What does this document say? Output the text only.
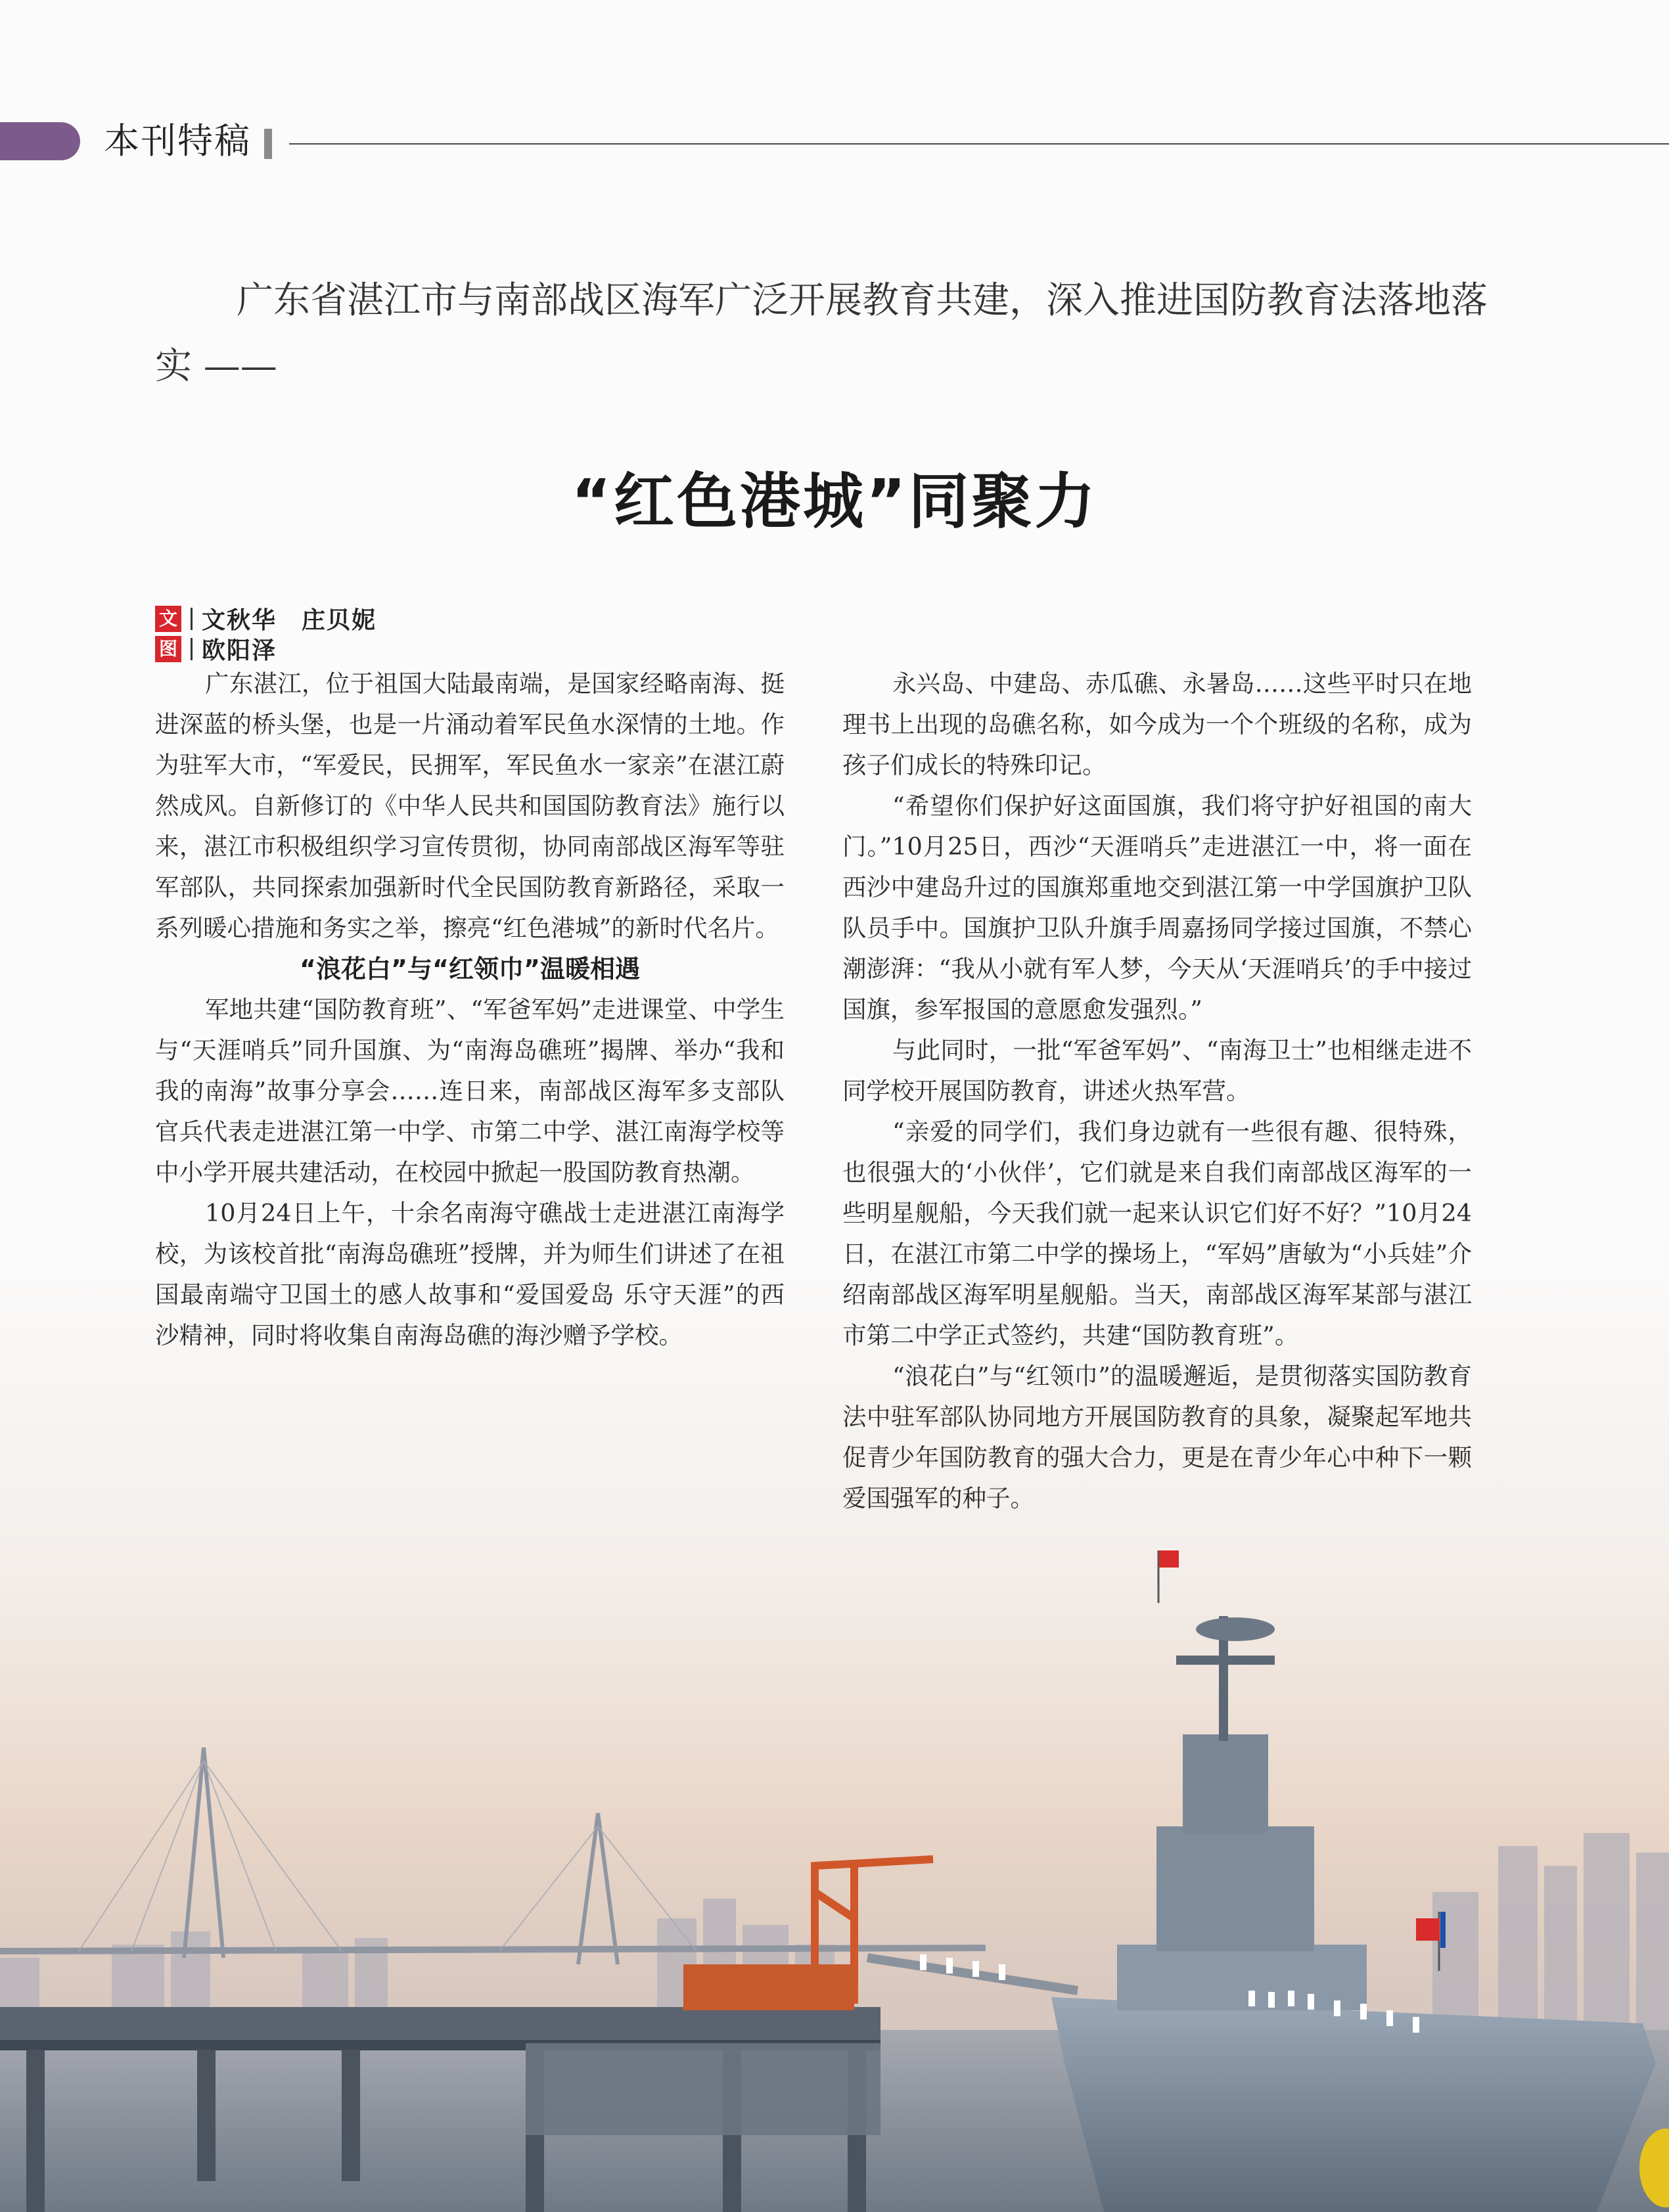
本刊特稿
广东省湛江市与南部战区海军广泛开展教育共建，深入推进国防教育法落地落实 ——
“红色港城”同聚力
文 文秋华　庄贝妮
图 欧阳泽

广东湛江，位于祖国大陆最南端，是国家经略南海、挺进深蓝的桥头堡，也是一片涌动着军民鱼水深情的土地。作为驻军大市，“军爱民，民拥军，军民鱼水一家亲”在湛江蔚然成风。自新修订的《中华人民共和国国防教育法》施行以来，湛江市积极组织学习宣传贯彻，协同南部战区海军等驻军部队，共同探索加强新时代全民国防教育新路径，采取一系列暖心措施和务实之举，擦亮“红色港城”的新时代名片。

“浪花白”与“红领巾”温暖相遇

军地共建“国防教育班”、“军爸军妈”走进课堂、中学生与“天涯哨兵”同升国旗、为“南海岛礁班”揭牌、举办“我和我的南海”故事分享会……连日来，南部战区海军多支部队官兵代表走进湛江第一中学、市第二中学、湛江南海学校等中小学开展共建活动，在校园中掀起一股国防教育热潮。

10月24日上午，十余名南海守礁战士走进湛江南海学校，为该校首批“南海岛礁班”授牌，并为师生们讲述了在祖国最南端守卫国土的感人故事和“爱国爱岛 乐守天涯”的西沙精神，同时将收集自南海岛礁的海沙赠予学校。

永兴岛、中建岛、赤瓜礁、永暑岛……这些平时只在地理书上出现的岛礁名称，如今成为一个个班级的名称，成为孩子们成长的特殊印记。

“希望你们保护好这面国旗，我们将守护好祖国的南大门。”10月25日，西沙“天涯哨兵”走进湛江一中，将一面在西沙中建岛升过的国旗郑重地交到湛江第一中学国旗护卫队队员手中。国旗护卫队升旗手周嘉扬同学接过国旗，不禁心潮澎湃：“我从小就有军人梦，今天从‘天涯哨兵’的手中接过国旗，参军报国的意愿愈发强烈。”

与此同时，一批“军爸军妈”、“南海卫士”也相继走进不同学校开展国防教育，讲述火热军营。

“亲爱的同学们，我们身边就有一些很有趣、很特殊，也很强大的‘小伙伴’，它们就是来自我们南部战区海军的一些明星舰船，今天我们就一起来认识它们好不好？”10月24日，在湛江市第二中学的操场上，“军妈”唐敏为“小兵娃”介绍南部战区海军明星舰船。当天，南部战区海军某部与湛江市第二中学正式签约，共建“国防教育班”。

“浪花白”与“红领巾”的温暖邂逅，是贯彻落实国防教育法中驻军部队协同地方开展国防教育的具象，凝聚起军地共促青少年国防教育的强大合力，更是在青少年心中种下一颗爱国强军的种子。
